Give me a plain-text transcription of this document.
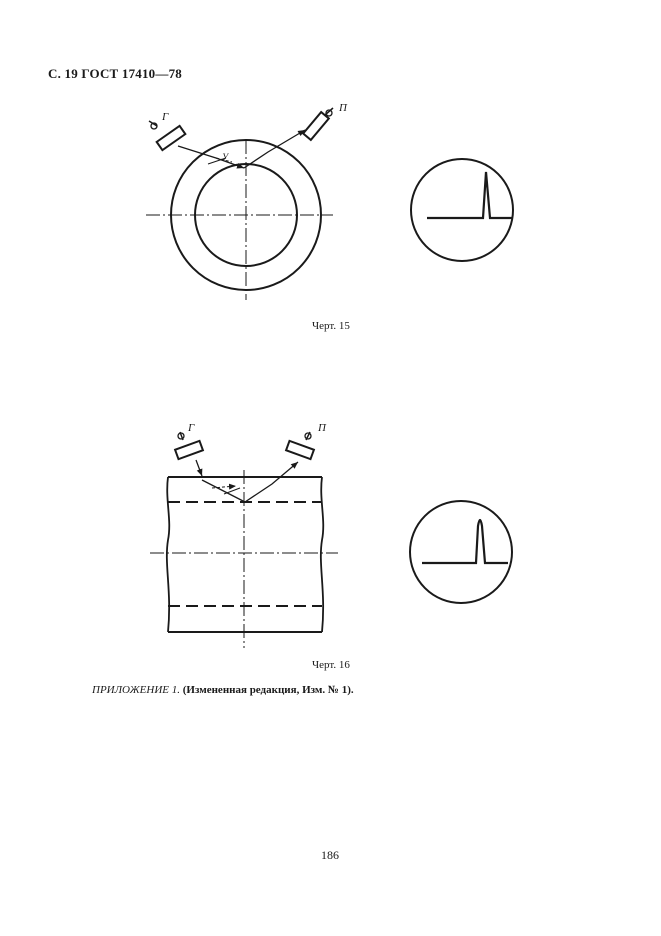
С. 19 ГОСТ 17410—78
Г
П
У
Г	П
Черт. 15
Черт. 16
ПРИЛОЖЕНИЕ 1. (Измененная редакция, Изм. № 1).
186
